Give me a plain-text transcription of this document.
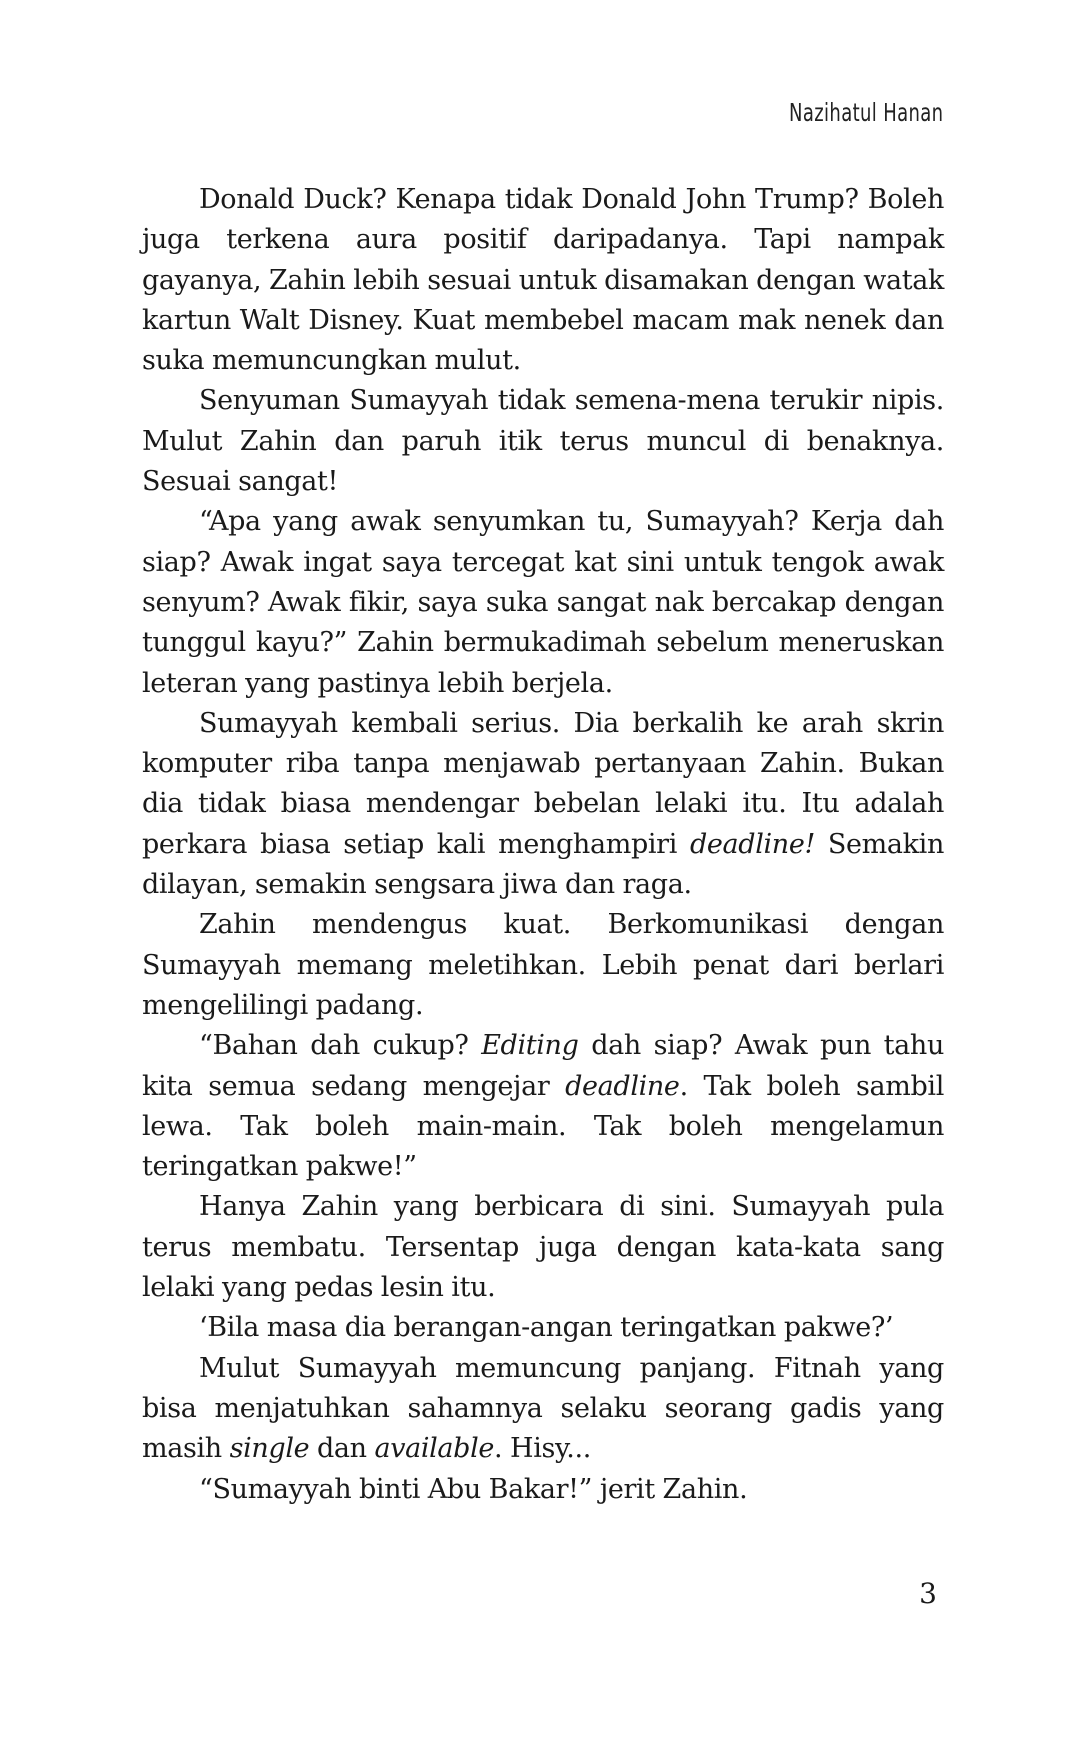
Nazihatul Hanan

Donald Duck? Kenapa tidak Donald John Trump? Boleh juga terkena aura positif daripadanya. Tapi nampak gayanya, Zahin lebih sesuai untuk disamakan dengan watak kartun Walt Disney. Kuat membebel macam mak nenek dan suka memuncungkan mulut.

Senyuman Sumayyah tidak semena-mena terukir nipis. Mulut Zahin dan paruh itik terus muncul di benaknya. Sesuai sangat!

“Apa yang awak senyumkan tu, Sumayyah? Kerja dah siap? Awak ingat saya tercegat kat sini untuk tengok awak senyum? Awak fikir, saya suka sangat nak bercakap dengan tunggul kayu?” Zahin bermukadimah sebelum meneruskan leteran yang pastinya lebih berjela.

Sumayyah kembali serius. Dia berkalih ke arah skrin komputer riba tanpa menjawab pertanyaan Zahin. Bukan dia tidak biasa mendengar bebelan lelaki itu. Itu adalah perkara biasa setiap kali menghampiri deadline! Semakin dilayan, semakin sengsara jiwa dan raga.

Zahin mendengus kuat. Berkomunikasi dengan Sumayyah memang meletihkan. Lebih penat dari berlari mengelilingi padang.

“Bahan dah cukup? Editing dah siap? Awak pun tahu kita semua sedang mengejar deadline. Tak boleh sambil lewa. Tak boleh main-main. Tak boleh mengelamun teringatkan pakwe!”

Hanya Zahin yang berbicara di sini. Sumayyah pula terus membatu. Tersentap juga dengan kata-kata sang lelaki yang pedas lesin itu.

‘Bila masa dia berangan-angan teringatkan pakwe?’

Mulut Sumayyah memuncung panjang. Fitnah yang bisa menjatuhkan sahamnya selaku seorang gadis yang masih single dan available. Hisy...

“Sumayyah binti Abu Bakar!” jerit Zahin.

3
